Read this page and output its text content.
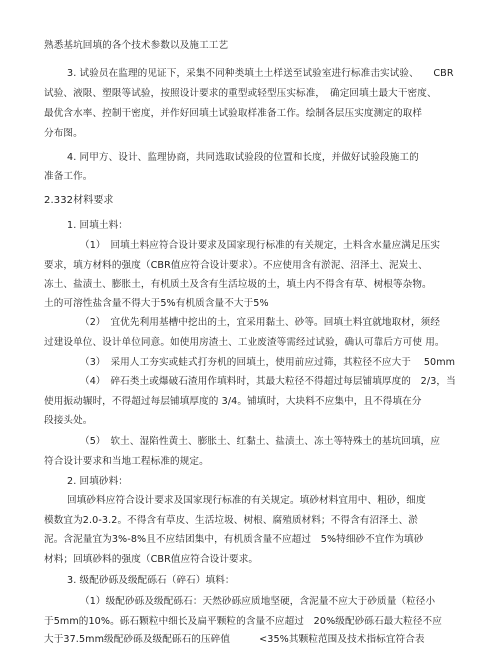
熟悉基坑回填的各个技术参数以及施工工艺
3. 试验员在监理的见证下，采集不同种类填土土样送至试验室进行标准击实试验、　　CBR
试验、液限、塑限等试验，按照设计要求的重型或轻型压实标准，　确定回填土最大干密度、
最优含水率、控制干密度，并作好回填土试验取样准备工作。绘制各层压实度测定的取样
分布图。
4. 同甲方、设计、监理协商，共同选取试验段的位置和长度，并做好试验段施工的
准备工作。
2.332材料要求
1. 回填土料：
（1）　回填土料应符合设计要求及国家现行标准的有关规定，土料含水量应满足压实
要求，填方材料的强度（CBR值应符合设计要求）。不应使用含有淤泥、沼泽土、泥炭土、
冻土、盐渍土、膨胀土，有机质土及含有生活垃圾的土，填土内不得含有草、树根等杂物。
土的可溶性盐含量不得大于5%有机质含量不大于5%
（2）　宜优先利用基槽中挖出的土，宜采用黏土、砂等。回填土料宜就地取材，须经
过建设单位、设计单位同意。如使用房渣土、工业废渣等需经过试验，确认可靠后方可使 用。
（3）　采用人工夯实或蛙式打夯机的回填土，使用前应过筛，其粒径不应大于　 50mm
（4）　碎石类土或爆破石渣用作填料时，其最大粒径不得超过每层铺填厚度的　2/3，当
使用振动辗时，不得超过每层铺填厚度的 3/4。铺填时，大块料不应集中，且不得填在分
段接头处。
（5）　软土、湿陷性黄土、膨胀土、红黏土、盐渍土、冻土等特殊土的基坑回填，应
符合设计要求和当地工程标准的规定。
2. 回填砂料：
回填砂料应符合设计要求及国家现行标准的有关规定。填砂材料宜用中、粗砂，细度
模数宜为2.0-3.2。不得含有草皮、生活垃圾、树根、腐殖质材料；不得含有沼泽土、淤
泥。含泥量宜为3%-8%且不应结团集中，有机质含量不应超过　5%特细砂不宜作为填砂
材料；回填砂料的强度（CBR值应符合设计要求。
3. 级配砂砾及级配砾石（碎石）填料：
（1）级配砂砾及级配砾石：天然砂砾应质地坚硬，含泥量不应大于砂质量（粒径小
于5mm的10%。砾石颗粒中细长及扁平颗粒的含量不应超过　20%级配砂砾石最大粒径不应
大于37.5mm级配砂砾及级配砾石的压碎值　　　<35%其颗粒范围及技术指标宜符合表
